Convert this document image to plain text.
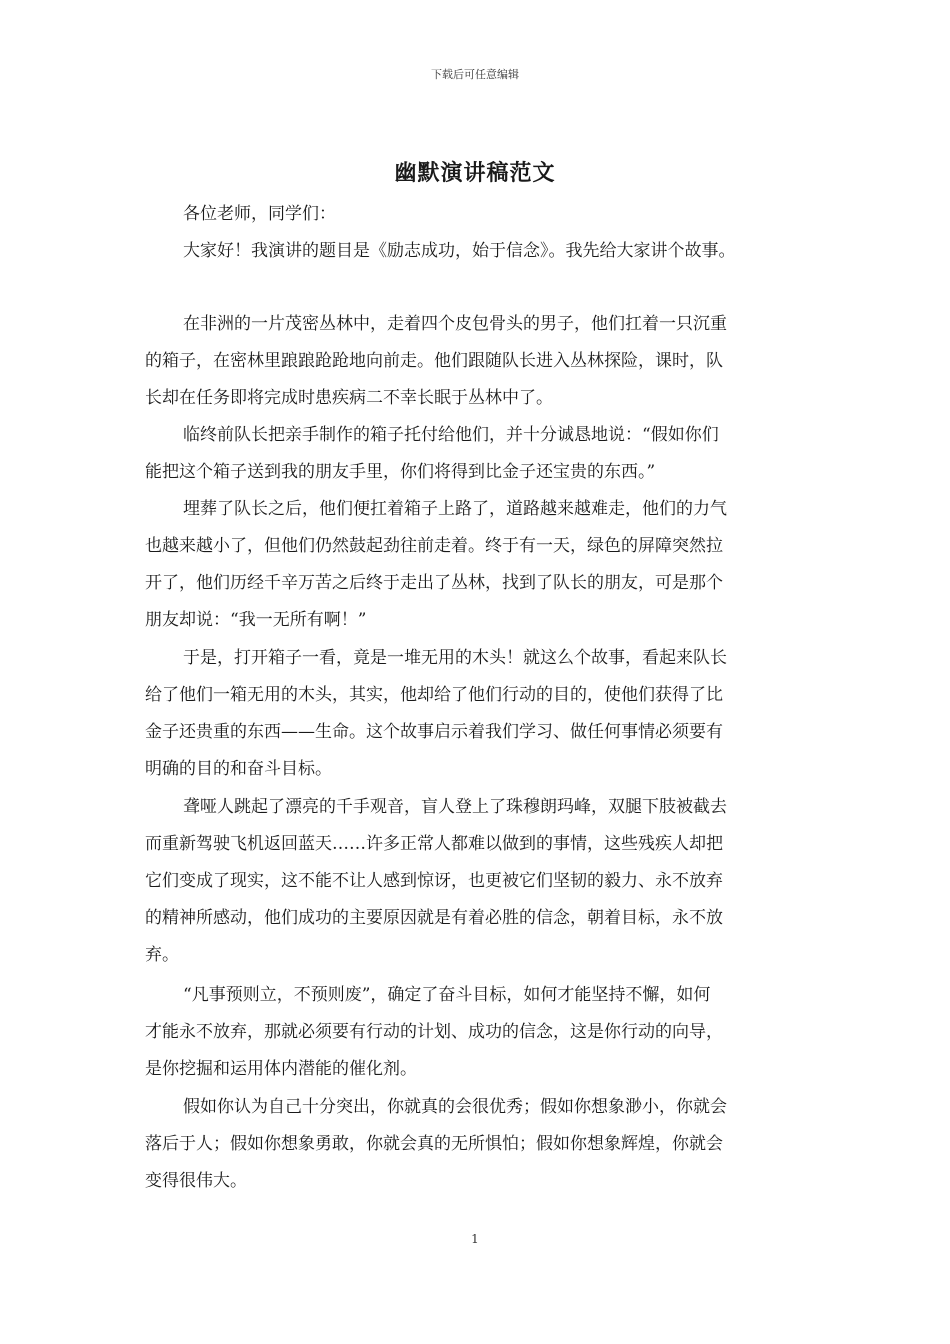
下载后可任意编辑
幽默演讲稿范文
各位老师，同学们：
大家好！我演讲的题目是《励志成功，始于信念》。我先给大家讲个故事。
在非洲的一片茂密丛林中，走着四个皮包骨头的男子，他们扛着一只沉重
的箱子，在密林里踉踉跄跄地向前走。他们跟随队长进入丛林探险，课时，队
长却在任务即将完成时患疾病二不幸长眠于丛林中了。
临终前队长把亲手制作的箱子托付给他们，并十分诚恳地说：“假如你们
能把这个箱子送到我的朋友手里，你们将得到比金子还宝贵的东西。”
埋葬了队长之后，他们便扛着箱子上路了，道路越来越难走，他们的力气
也越来越小了，但他们仍然鼓起劲往前走着。终于有一天，绿色的屏障突然拉
开了，他们历经千辛万苦之后终于走出了丛林，找到了队长的朋友，可是那个
朋友却说：“我一无所有啊！”
于是，打开箱子一看，竟是一堆无用的木头！就这么个故事，看起来队长
给了他们一箱无用的木头，其实，他却给了他们行动的目的，使他们获得了比
金子还贵重的东西——生命。这个故事启示着我们学习、做任何事情必须要有
明确的目的和奋斗目标。
聋哑人跳起了漂亮的千手观音，盲人登上了珠穆朗玛峰，双腿下肢被截去
而重新驾驶飞机返回蓝天……许多正常人都难以做到的事情，这些残疾人却把
它们变成了现实，这不能不让人感到惊讶，也更被它们坚韧的毅力、永不放弃
的精神所感动，他们成功的主要原因就是有着必胜的信念，朝着目标，永不放
弃。
“凡事预则立，不预则废”，确定了奋斗目标，如何才能坚持不懈，如何
才能永不放弃，那就必须要有行动的计划、成功的信念，这是你行动的向导，
是你挖掘和运用体内潜能的催化剂。
假如你认为自己十分突出，你就真的会很优秀；假如你想象渺小，你就会
落后于人；假如你想象勇敢，你就会真的无所惧怕；假如你想象辉煌，你就会
变得很伟大。
1
